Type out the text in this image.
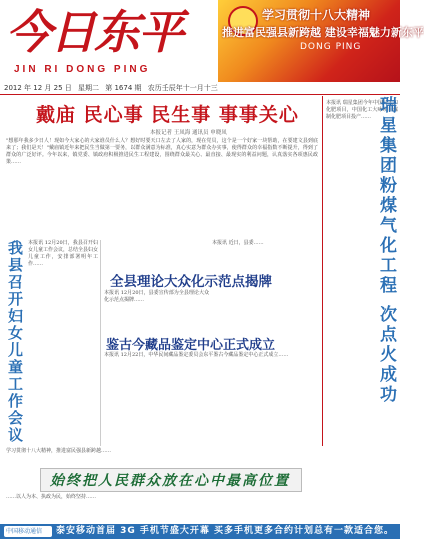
今日东平
JIN RI DONG PING
学习贯彻十八大精神
推进富民强县新跨越 建设幸福魅力新东平
DONG PING
2012 年 12 月 25 日 星期二 第 1674 期 农历壬辰年十一月十三
戴庙 民心事 民生事 事事关心
本报记者 王凤海 通讯员 申晓凤
"想那年我多少日人！现如今大家心的大家谁员什么人？想好时要天口左去了人家的，现在党员，这个是一个好家一块帮助，在要建文县到底来了；我们是天！"戴庙镇近年来把民生当做第一要务，以群众满意为标准，真心实意为群众办实事，使得群众的幸福指数不断提升，得到了群众的广泛好评。今年以来，镇党委、镇政府积极推进民生工程建设，围绕群众最关心、最直接、最现实的利益问题，认真落实各项惠民政策……
本报讯 瑞星集团今年中国际大和化肥项目，中国化工大咏项目煤制化肥项目投产…… 瑞星集团粉煤气化工程 次点火成功
我县召开妇女儿童工作会议 本报讯 12月20日，我县召开妇女儿童工作会议，总结全县妇女儿童工作，安排部署明年工作……
全县理论大众化示范点揭牌
本报讯 12月20日，县委宣传部为全县理论大众化示范点揭牌……
本报讯 近日，县委……
鉴古今藏品鉴定中心正式成立
本报讯 12月22日，中华民间藏品鉴定委员会东平鉴古今藏品鉴定中心正式成立……
学习贯彻十八大精神，推进富民强县新跨越……
始终把人民群众放在心中最高位置
……以人为本、执政为民，始终坚持……
泰安移动首届 3G 手机节盛大开幕 买多手机更多合约计划总有一款适合您。
中国移动通信
